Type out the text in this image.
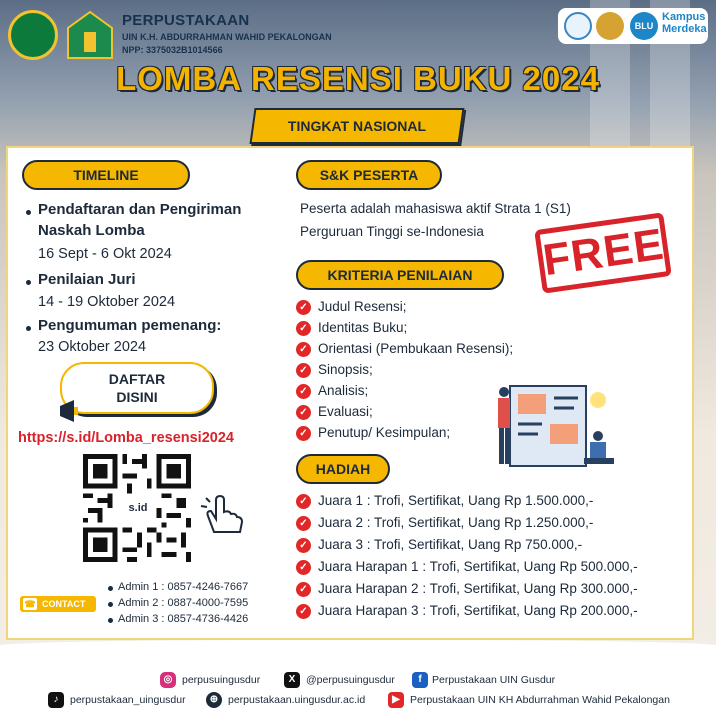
PERPUSTAKAAN
UIN K.H. ABDURRAHMAN WAHID PEKALONGAN
NPP: 3375032B1014566
BLU
Kampus
Merdeka
LOMBA RESENSI BUKU 2024
TINGKAT NASIONAL
TIMELINE
Pendaftaran dan Pengiriman
Naskah Lomba
16 Sept - 6 Okt 2024
Penilaian Juri
14 - 19 Oktober 2024
Pengumuman pemenang:
23 Oktober 2024
S&K PESERTA
Peserta adalah mahasiswa aktif Strata 1 (S1)
Perguruan Tinggi se-Indonesia
KRITERIA PENILAIAN
✓ Judul Resensi;
✓ Identitas Buku;
✓ Orientasi (Pembukaan Resensi);
✓ Sinopsis;
✓ Analisis;
✓ Evaluasi;
✓ Penutup/ Kesimpulan;
HADIAH
✓ Juara 1 : Trofi, Sertifikat, Uang Rp 1.500.000,-
✓ Juara 2 : Trofi, Sertifikat, Uang Rp 1.250.000,-
✓ Juara 3 : Trofi, Sertifikat, Uang Rp 750.000,-
✓ Juara Harapan 1 : Trofi, Sertifikat, Uang Rp 500.000,-
✓ Juara Harapan 2 : Trofi, Sertifikat, Uang Rp 300.000,-
✓ Juara Harapan 3 : Trofi, Sertifikat, Uang Rp 200.000,-
FREE
DAFTAR
DISINI
https://s.id/Lomba_resensi2024
s.id
☎ CONTACT US
Admin 1 : 0857-4246-7667
Admin 2 : 0887-4000-7595
Admin 3 : 0857-4736-4426
◎ perpusuingusdur	X	@perpusuingusdur	f Perpustakaan UIN Gusdur
♪	perpustakaan_uingusdur	⊕ perpustakaan.uingusdur.ac.id	▶ Perpustakaan UIN KH Abdurrahman Wahid Pekalongan
